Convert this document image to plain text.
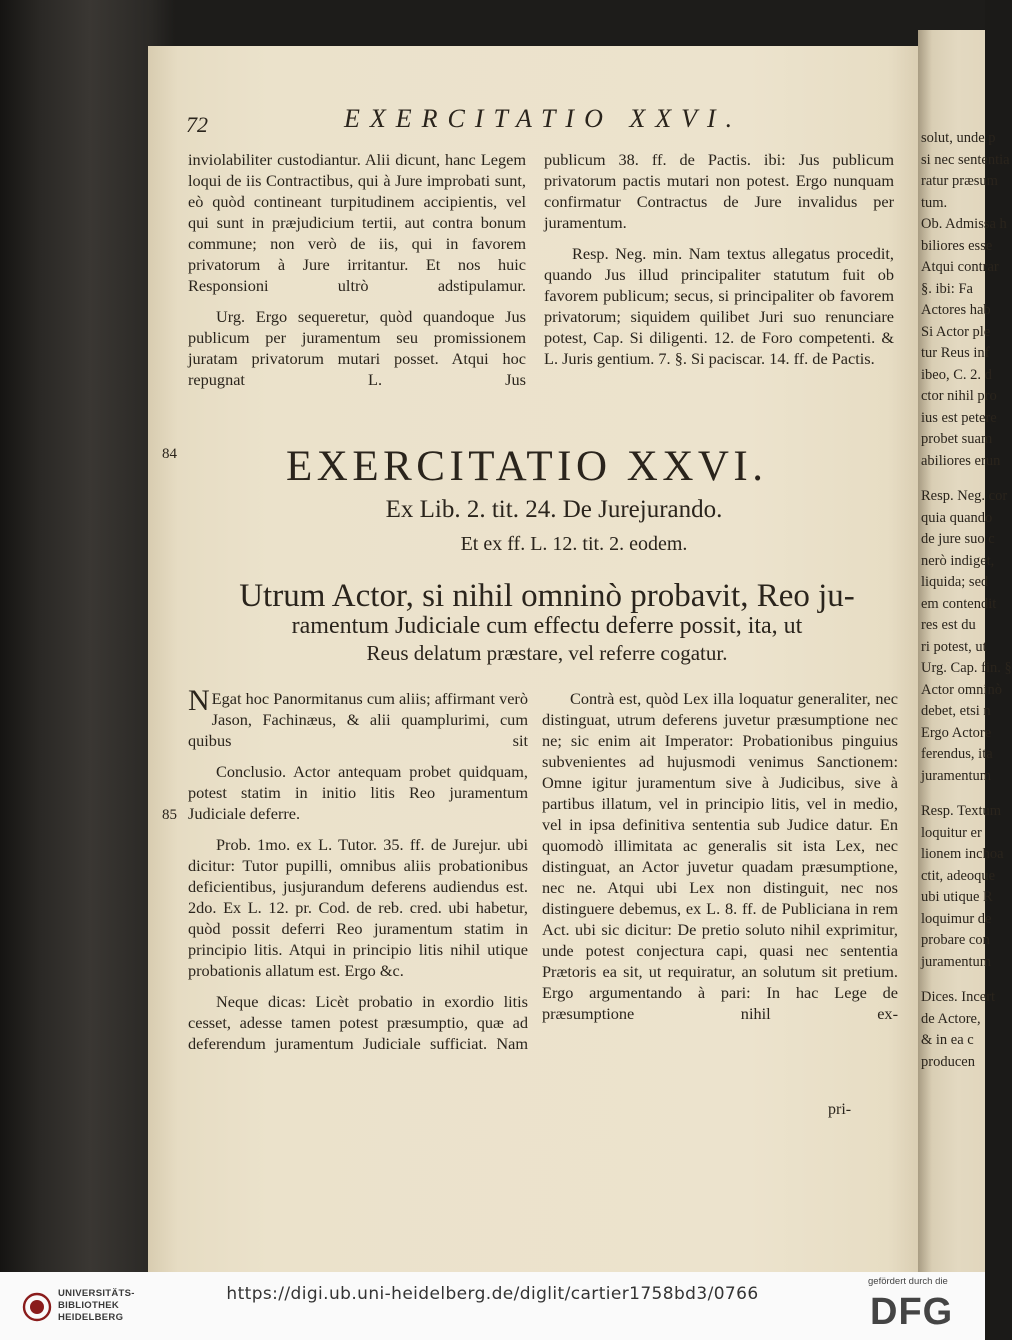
72	EXERCITATIO XXVI.

inviolabiliter custodiantur. Alii dicunt, hanc Legem loqui de iis Contractibus, qui à Jure improbati sunt, eò quòd contineant turpitudinem accipientis, vel qui sunt in præjudicium tertii, aut contra bonum commune; non verò de iis, qui in favorem privatorum à Jure irritantur. Et nos huic Responsioni ultrò adstipulamur.

Urg. Ergo sequeretur, quòd quandoque Jus publicum per juramentum seu promissionem juratam privatorum mutari posset. Atqui hoc repugnat L. Jus

publicum 38. ff. de Pactis. ibi: Jus publicum privatorum pactis mutari non potest. Ergo nunquam confirmatur Contractus de Jure invalidus per juramentum.

Resp. Neg. min. Nam textus allegatus procedit, quando Jus illud principaliter statutum fuit ob favorem publicum; secus, si principaliter ob favorem privatorum; siquidem quilibet Juri suo renunciare potest, Cap. Si diligenti. 12. de Foro competenti. & L. Juris gentium. 7. §. Si paciscar. 14. ff. de Pactis.

84
85
EXERCITATIO XXVI.
Ex Lib. 2. tit. 24. De Jurejurando.
Et ex ff. L. 12. tit. 2. eodem.
Utrum Actor, si nihil omninò probavit, Reo ju-
ramentum Judiciale cum effectu deferre possit, ita, ut
Reus delatum præstare, vel referre cogatur.

N Egat hoc Panormitanus cum aliis; affirmant verò Jason, Fachinæus, & alii quamplurimi, cum quibus sit

Conclusio. Actor antequam probet quidquam, potest statim in initio litis Reo juramentum Judiciale deferre.

Prob. 1mo. ex L. Tutor. 35. ff. de Jurejur. ubi dicitur: Tutor pupilli, omnibus aliis probationibus deficientibus, jusjurandum deferens audiendus est. 2do. Ex L. 12. pr. Cod. de reb. cred. ubi habetur, quòd possit deferri Reo juramentum statim in principio litis. Atqui in principio litis nihil utique probationis allatum est. Ergo &c.

Neque dicas: Licèt probatio in exordio litis cesset, adesse tamen potest præsumptio, quæ ad deferendum juramentum Judiciale sufficiat. Nam

Contrà est, quòd Lex illa loquatur generaliter, nec distinguat, utrum deferens juvetur præsumptione nec ne; sic enim ait Imperator: Probationibus pinguius subvenientes ad hujusmodi venimus Sanctionem: Omne igitur juramentum sive à Judicibus, sive à partibus illatum, vel in principio litis, vel in medio, vel in ipsa definitiva sententia sub Judice datur. En quomodò illimitata ac generalis sit ista Lex, nec distinguat, an Actor juvetur quadam præsumptione, nec ne. Atqui ubi Lex non distinguit, nec nos distinguere debemus, ex L. 8. ff. de Publiciana in rem Act. ubi sic dicitur: De pretio soluto nihil exprimitur, unde potest conjectura capi, quasi nec sententia Prætoris ea sit, ut requiratur, an solutum sit pretium. Ergo argumentando à pari: In hac Lege de præsumptione nihil ex-

pri-
solut, unde p
si nec sententia
ratur præsum
tum.
Ob. Admissa h
biliores esse
Atqui contrar
§. ibi: Fa
Actores hab
Si Actor ple
tur Reus inf
ibeo, C. 2. d
ctor nihil pro
ius est petere
probet suam
abiliores erun
Resp. Neg. cor
quia quando
de jure suo c
nerò indiget,
liquida; sed
em contendit
res est du
ri potest, ut
Urg. Cap. fin. §
Actor omninò
debet, etsi n
Ergo Actore
ferendus, ita
juramentum
Resp. Textum
loquitur er
lionem inchoa
ctit, adeoque
ubi utique R
loquimur de
probare con
juramentum
Dices. Incert
de Actore,
& in ea c
producen
UNIVERSITÄTS-
BIBLIOTHEK
HEIDELBERG
https://digi.ub.uni-heidelberg.de/diglit/cartier1758bd3/0766
gefördert durch die
DFG
